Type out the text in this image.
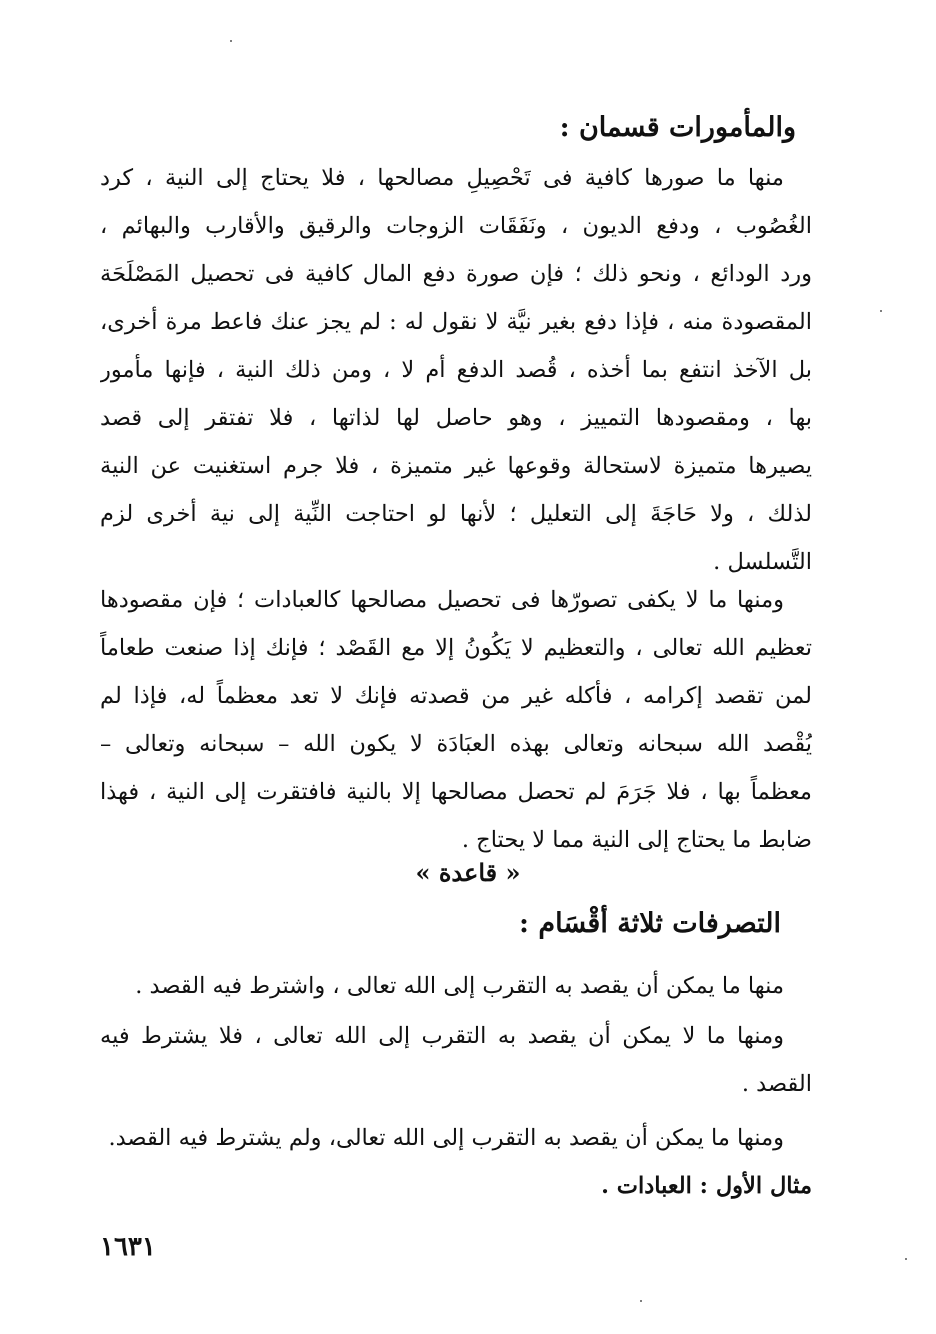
والمأمورات قسمان :
منها ما صورها كافية فى تَحْصِيلِ مصالحها ، فلا يحتاج إلى النية ، كرد
الغُصُوب ، ودفع الديون ، ونَفَقَات الزوجات والرقيق والأقارب والبهائم ،
ورد الودائع ، ونحو ذلك ؛ فإن صورة دفع المال كافية فى تحصيل المَصْلَحَة
المقصودة منه ، فإذا دفع بغير نيَّة لا نقول له : لم يجز عنك فاعط مرة أخرى،
بل الآخذ انتفع بما أخذه ، قُصد الدفع أم لا ، ومن ذلك النية ، فإنها مأمور
بها ، ومقصودها التمييز ، وهو حاصل لها لذاتها ، فلا تفتقر إلى قصد
يصيرها متميزة لاستحالة وقوعها غير متميزة ، فلا جرم استغنيت عن النية
لذلك ، ولا حَاجَةَ إلى التعليل ؛ لأنها لو احتاجت النِّية إلى نية أخرى لزم
التَّسلسل .
ومنها ما لا يكفى تصورّها فى تحصيل مصالحها كالعبادات ؛ فإن مقصودها
تعظيم الله تعالى ، والتعظيم لا يَكُونُ إلا مع القَصْد ؛ فإنك إذا صنعت طعاماً
لمن تقصد إكرامه ، فأكله غير من قصدته فإنك لا تعد معظماً له، فإذا لم
يُقْصد الله سبحانه وتعالى بهذه العبَادَة لا يكون الله – سبحانه وتعالى –
معظماً بها ، فلا جَرَمَ لم تحصل مصالحها إلا بالنية فافتقرت إلى النية ، فهذا
ضابط ما يحتاج إلى النية مما لا يحتاج .
« قاعدة »
التصرفات ثلاثة أقْسَام :
منها ما يمكن أن يقصد به التقرب إلى الله تعالى ، واشترط فيه القصد .
ومنها ما لا يمكن أن يقصد به التقرب إلى الله تعالى ، فلا يشترط فيه
القصد .
ومنها ما يمكن أن يقصد به التقرب إلى الله تعالى، ولم يشترط فيه القصد.
مثال الأول : العبادات .
١٦٣١
